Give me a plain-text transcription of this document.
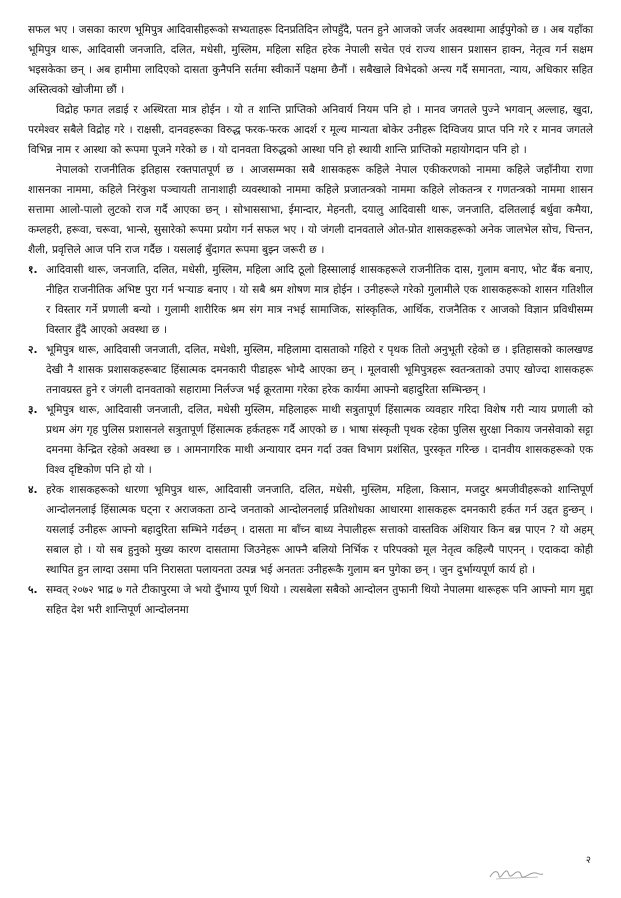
सफल भए । जसका कारण भूमिपुत्र आदिवासीहरूको सभ्यताहरू दिनप्रतिदिन लोपहुँदै, पतन हुने आजको जर्जर अवस्थामा आईपुगेको छ । अब यहाँका भूमिपुत्र थारू, आदिवासी जनजाति, दलित, मधेसी, मुस्लिम, महिला सहित हरेक नेपाली सचेत एवं राज्य शासन प्रशासन हाक्न, नेतृत्व गर्न सक्षम भइसकेका छन् । अब हामीमा लादिएको दासता कुनैपनि सर्तमा स्वीकार्ने पक्षमा छैनौं । सबैखाले विभेदको अन्त्य गर्दै समानता, न्याय, अधिकार सहित अस्तित्वको खोजीमा छौं ।

विद्रोह फगत लडाई र अस्थिरता मात्र होईन । यो त शान्ति प्राप्तिको अनिवार्य नियम पनि हो । मानव जगतले पुज्ने भगवान् अल्लाह, खुदा, परमेश्वर सबैले विद्रोह गरे । राक्षसी, दानवहरूका विरुद्ध फरक-फरक आदर्श र मूल्य मान्यता बोकेर उनीहरू दिग्विजय प्राप्त पनि गरे र मानव जगतले विभिन्न नाम र आस्था को रूपमा पूजने गरेको छ । यो दानवता विरुद्धको आस्था पनि हो स्थायी शान्ति प्राप्तिको महायोगदान पनि हो ।

नेपालको राजनीतिक इतिहास रक्तपातपूर्ण छ । आजसम्मका सबै शासकहरू कहिले नेपाल एकीकरणको नाममा कहिले जहाँनीया राणा शासनका नाममा, कहिले निरंकुश पञ्चायती तानाशाही व्यवस्थाको नाममा कहिले प्रजातन्त्रको नाममा कहिले लोकतन्त्र र गणतन्त्रको नाममा शासन सत्तामा आलो-पालो लुटको राज गर्दै आएका छन् । सोभाससाभा, ईमान्दार, मेहनती, दयालु आदिवासी थारू, जनजाति, दलितलाई बर्धुवा कमैया, कम्लहरी, हरूवा, चरूवा, भान्से, सुसारेको रूपमा प्रयोग गर्न सफल भए । यो जंगली दानवताले ओत-प्रोत शासकहरूको अनेक जालभेल सोच, चिन्तन, शैली, प्रवृत्तिले आज पनि राज गर्दैछ । यसलाई बुँदागत रूपमा बुझ्न जरूरी छ ।

१. आदिवासी थारू, जनजाति, दलित, मधेसी, मुस्लिम, महिला आदि ठूलो हिस्सालाई शासकहरूले राजनीतिक दास, गुलाम बनाए, भोट बैंक बनाए, नीहित राजनीतिक अभिष्ट पुरा गर्न भऱ्याङ बनाए । यो सबै श्रम शोषण मात्र होईन । उनीहरूले गरेको गुलामीले एक शासकहरूको शासन गतिशील र विस्तार गर्ने प्रणाली बन्यो । गुलामी शारीरिक श्रम संग मात्र नभई सामाजिक, सांस्कृतिक, आर्थिक, राजनैतिक र आजको विज्ञान प्रविधीसम्म विस्तार हुँदै आएको अवस्था छ ।

२. भूमिपुत्र थारू, आदिवासी जनजाती, दलित, मधेशी, मुस्लिम, महिलामा दासताको गहिरो र पृथक तितो अनुभूती रहेको छ । इतिहासको कालखण्ड देखी नै शासक प्रशासकहरूबाट हिंसात्मक दमनकारी पीडाहरू भोग्दै आएका छन् । मूलवासी भूमिपुत्रहरू स्वतन्त्रताको उपाए खोज्दा शासकहरू तनावग्रस्त हुने र जंगली दानवताको सहारामा निर्लज्ज भई क्रूरतामा गरेका हरेक कार्यमा आफ्नो बहादुरिता सम्भिन्छन् ।

३. भूमिपुत्र थारू, आदिवासी जनजाती, दलित, मधेसी मुस्लिम, महिलाहरू माथी सत्रुतापूर्ण हिंसात्मक व्यवहार गरिदा विशेष गरी न्याय प्रणाली को प्रथम अंग गृह पुलिस प्रशासनले सत्रुतापूर्ण हिंसात्मक हर्कतहरू गर्दै आएको छ । भाषा संस्कृती पृथक रहेका पुलिस सुरक्षा निकाय जनसेवाको सट्टा दमनमा केन्द्रित रहेको अवस्था छ । आमनागरिक माथी अन्यायार दमन गर्दा उक्त विभाग प्रशंसित, पुरस्कृत गरिन्छ । दानवीय शासकहरूको एक विश्व दृष्टिकोण पनि हो यो ।

४. हरेक शासकहरूको धारणा भूमिपुत्र थारू, आदिवासी जनजाति, दलित, मधेसी, मुस्लिम, महिला, किसान, मजदुर श्रमजीवीहरूको शान्तिपूर्ण आन्दोलनलाई हिंसात्मक घट्ना र अराजकता ठान्दे जनताको आन्दोलनलाई प्रतिशोधका आधारमा शासकहरू दमनकारी हर्कत गर्न उद्दत हुन्छन् । यसलाई उनीहरू आफ्नो बहादुरिता सम्भिने गर्दछन् । दासता मा बाँच्न बाध्य नेपालीहरू सत्ताको वास्तविक अंशियार किन बन्न पाएन ? यो अहम् सबाल हो । यो सब हुनुको मुख्य कारण दासतामा जिउनेहरू आफ्नै बलियो निर्भिक र परिपक्को मूल नेतृत्व कहिल्यै पाएनन् । एदाकदा कोही स्थापित हुन लाग्दा उसमा पनि निरासता पलायनता उत्पन्न भई अनततः उनीहरूकै गुलाम बन पुगेका छन् । जुन दुर्भाग्यपूर्ण कार्य हो ।

५. सम्वत् २०७२ भाद्र ७ गते टीकापुरमा जे भयो दुँभाग्य पूर्ण थियो । त्यसबेला सबैको आन्दोलन तुफानी थियो नेपालमा थारूहरू पनि आफ्नो माग मुद्दा सहित देश भरी शान्तिपूर्ण आन्दोलनमा

२
